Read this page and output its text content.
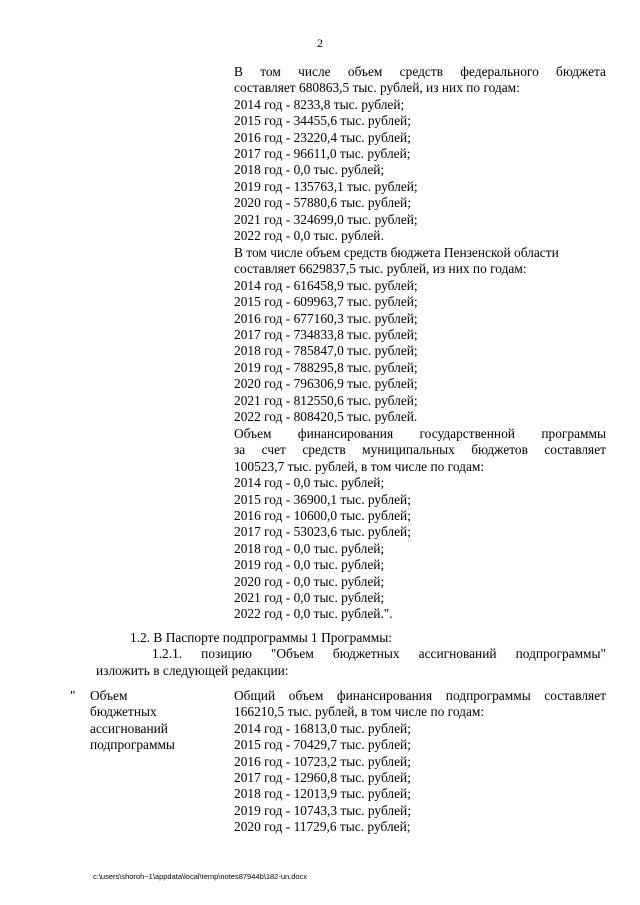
2
В том числе объем средств федерального бюджета
составляет 680863,5 тыс. рублей, из них по годам:
2014 год - 8233,8 тыс. рублей;
2015 год - 34455,6 тыс. рублей;
2016 год - 23220,4 тыс. рублей;
2017 год - 96611,0 тыс. рублей;
2018 год - 0,0 тыс. рублей;
2019 год - 135763,1 тыс. рублей;
2020 год - 57880,6 тыс. рублей;
2021 год - 324699,0 тыс. рублей;
2022 год - 0,0 тыс. рублей.
В том числе объем средств бюджета Пензенской области
составляет 6629837,5 тыс. рублей, из них по годам:
2014 год - 616458,9 тыс. рублей;
2015 год - 609963,7 тыс. рублей;
2016 год - 677160,3 тыс. рублей;
2017 год - 734833,8 тыс. рублей;
2018 год - 785847,0 тыс. рублей;
2019 год - 788295,8 тыс. рублей;
2020 год - 796306,9 тыс. рублей;
2021 год - 812550,6 тыс. рублей;
2022 год - 808420,5 тыс. рублей.
Объем финансирования государственной программы
за счет средств муниципальных бюджетов составляет
100523,7 тыс. рублей, в том числе по годам:
2014 год - 0,0 тыс. рублей;
2015 год - 36900,1 тыс. рублей;
2016 год - 10600,0 тыс. рублей;
2017 год - 53023,6 тыс. рублей;
2018 год - 0,0 тыс. рублей;
2019 год - 0,0 тыс. рублей;
2020 год - 0,0 тыс. рублей;
2021 год - 0,0 тыс. рублей;
2022 год - 0,0 тыс. рублей.".
1.2. В Паспорте подпрограммы 1 Программы:
1.2.1. позицию "Объем бюджетных ассигнований подпрограммы"
изложить в следующей редакции:
" Объем
бюджетных
ассигнований
подпрограммы
Общий объем финансирования подпрограммы составляет
166210,5 тыс. рублей, в том числе по годам:
2014 год - 16813,0 тыс. рублей;
2015 год - 70429,7 тыс. рублей;
2016 год - 10723,2 тыс. рублей;
2017 год - 12960,8 тыс. рублей;
2018 год - 12013,9 тыс. рублей;
2019 год - 10743,3 тыс. рублей;
2020 год - 11729,6 тыс. рублей;
c:\users\shoroh~1\appdata\local\temp\notes87944b\182-un.docx
